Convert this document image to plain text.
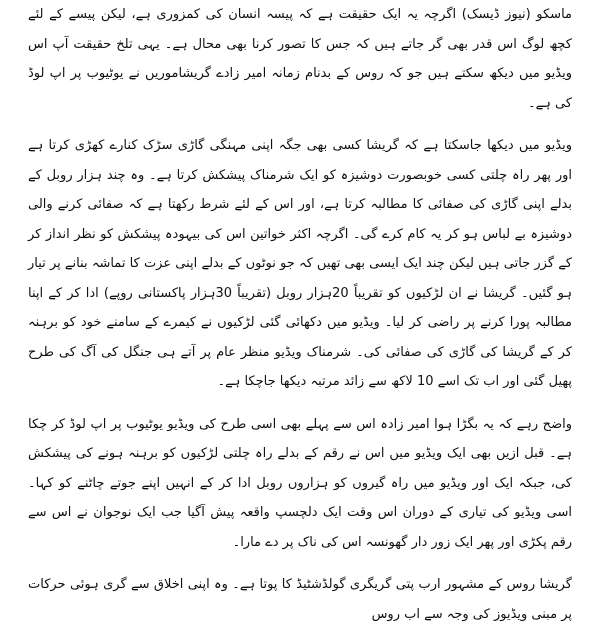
ماسکو (نیوز ڈیسک) اگرچہ یہ ایک حقیقت ہے کہ پیسہ انسان کی کمزوری ہے، لیکن پیسے کے لئے کچھ لوگ اس قدر بھی گر جاتے ہیں کہ جس کا تصور کرنا بھی محال ہے۔ یہی تلخ حقیقت آپ اس ویڈیو میں دیکھ سکتے ہیں جو کہ روس کے بدنام زمانہ امیر زادے گریشاموریں نے یوٹیوب پر اپ لوڈ کی ہے۔

ویڈیو میں دیکھا جاسکتا ہے کہ گریشا کسی بھی جگہ اپنی مہنگی گاڑی سڑک کنارے کھڑی کرتا ہے اور پھر راہ چلتی کسی خوبصورت دوشیزہ کو ایک شرمناک پیشکش کرتا ہے۔ وہ چند ہزار روبل کے بدلے اپنی گاڑی کی صفائی کا مطالبہ کرتا ہے، اور اس کے لئے شرط رکھتا ہے کہ صفائی کرنے والی دوشیزہ بے لباس ہو کر یہ کام کرے گی۔ اگرچہ اکثر خواتین اس کی بیہودہ پیشکش کو نظر انداز کر کے گزر جاتی ہیں لیکن چند ایک ایسی بھی تھیں کہ جو نوٹوں کے بدلے اپنی عزت کا تماشہ بنانے پر تیار ہو گئیں۔ گریشا نے ان لڑکیوں کو تقریباً 20ہزار روبل (تقریباً 30ہزار پاکستانی روپے) ادا کر کے اپنا مطالبہ پورا کرنے پر راضی کر لیا۔ ویڈیو میں دکھائی گئی لڑکیوں نے کیمرے کے سامنے خود کو برہنہ کر کے گریشا کی گاڑی کی صفائی کی۔ شرمناک ویڈیو منظر عام پر آتے ہی جنگل کی آگ کی طرح پھیل گئی اور اب تک اسے 10 لاکھ سے زائد مرتبہ دیکھا جاچکا ہے۔

واضح رہے کہ یہ بگڑا ہوا امیر زادہ اس سے پہلے بھی اسی طرح کی ویڈیو یوٹیوب پر اپ لوڈ کر چکا ہے۔ قبل ازیں بھی ایک ویڈیو میں اس نے رقم کے بدلے راہ چلتی لڑکیوں کو برہنہ ہونے کی پیشکش کی، جبکہ ایک اور ویڈیو میں راہ گیروں کو ہزاروں روبل ادا کر کے انہیں اپنے جوتے چاٹنے کو کہا۔ اسی ویڈیو کی تیاری کے دوران اس وقت ایک دلچسپ واقعہ پیش آگیا جب ایک نوجوان نے اس سے رقم پکڑی اور پھر ایک زور دار گھونسہ اس کی ناک پر دے مارا۔

گریشا روس کے مشہور ارب پتی گریگری گولڈشٹیڈ کا پوتا ہے۔ وہ اپنی اخلاق سے گری ہوئی حرکات پر مبنی ویڈیوز کی وجہ سے اب روس
